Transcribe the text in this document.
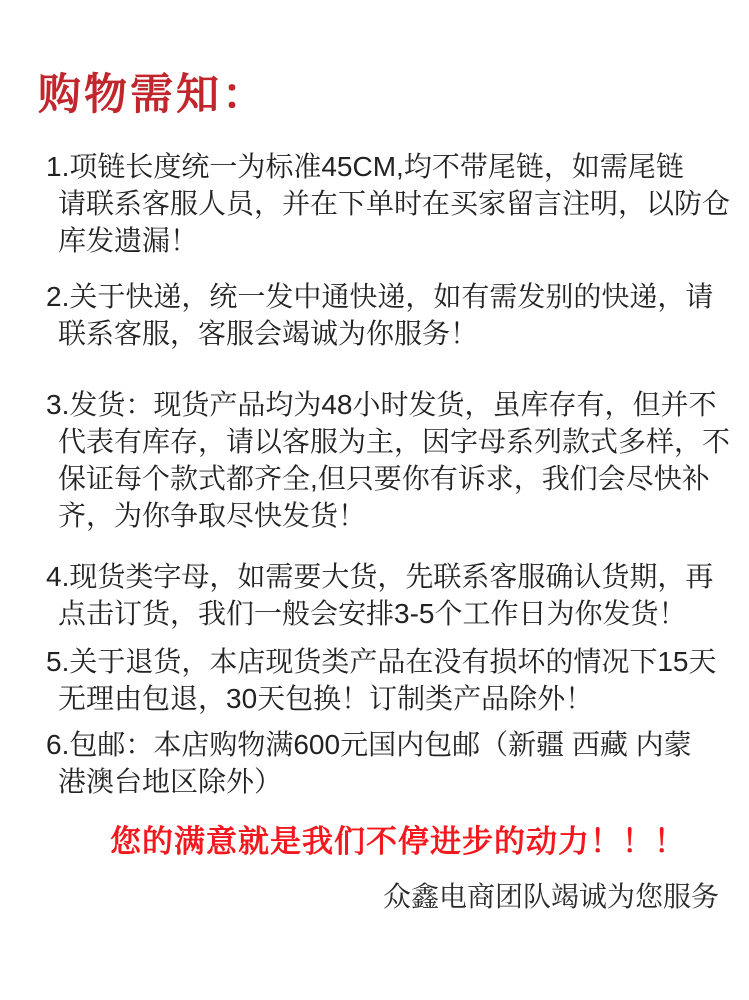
购物需知：
1.项链长度统一为标准45CM,均不带尾链，如需尾链
请联系客服人员，并在下单时在买家留言注明，以防仓
库发遗漏！
2.关于快递，统一发中通快递，如有需发别的快递，请
联系客服，客服会竭诚为你服务！
3.发货：现货产品均为48小时发货，虽库存有，但并不
代表有库存，请以客服为主，因字母系列款式多样，不
保证每个款式都齐全,但只要你有诉求，我们会尽快补
齐，为你争取尽快发货！
4.现货类字母，如需要大货，先联系客服确认货期，再
点击订货，我们一般会安排3-5个工作日为你发货！
5.关于退货，本店现货类产品在没有损坏的情况下15天
无理由包退，30天包换！订制类产品除外！
6.包邮：本店购物满600元国内包邮（新疆 西藏 内蒙
港澳台地区除外）
您的满意就是我们不停进步的动力！！！
众鑫电商团队竭诚为您服务
